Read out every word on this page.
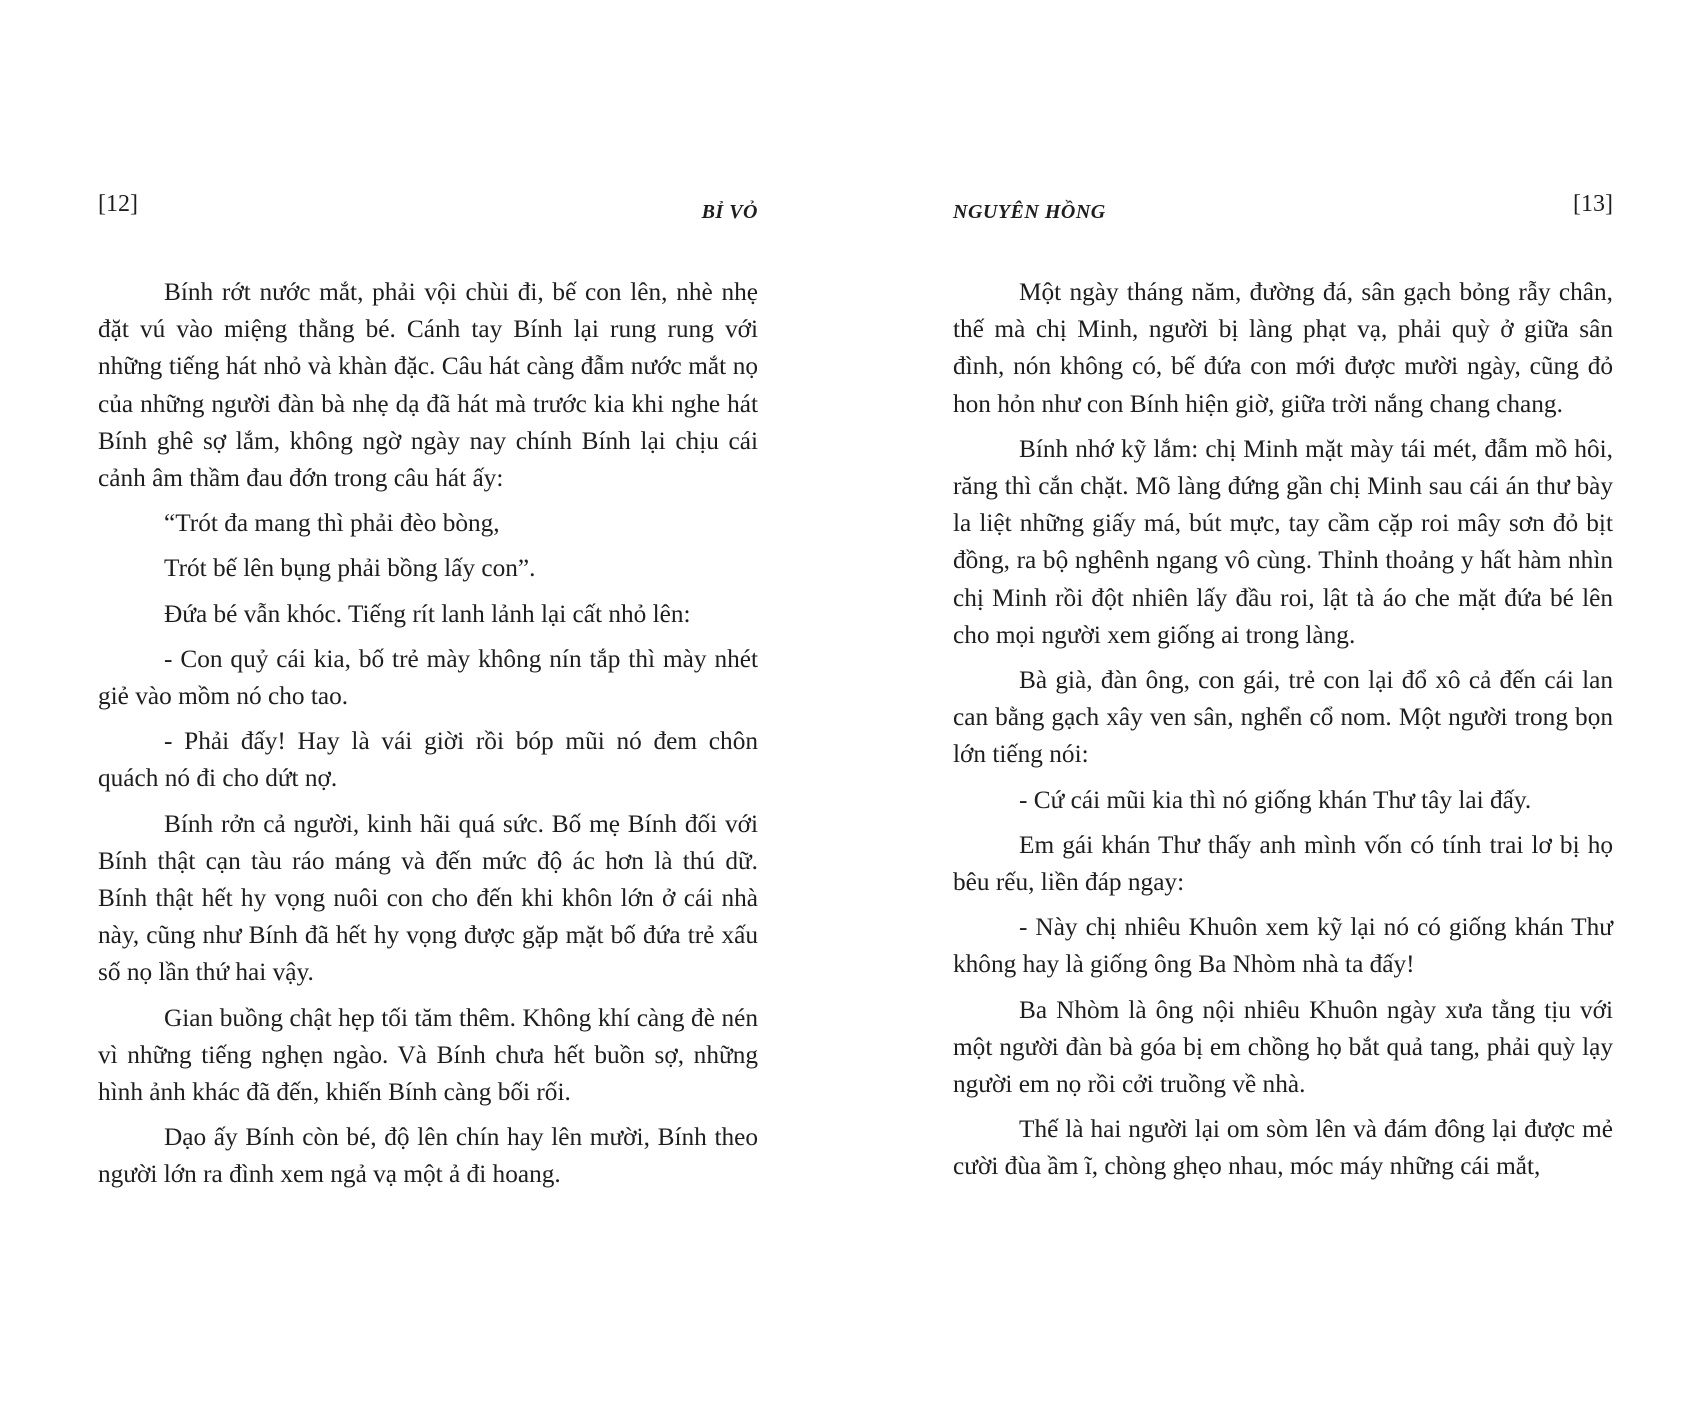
[12]	BỈ VỎ

Bính rớt nước mắt, phải vội chùi đi, bế con lên, nhè nhẹ đặt vú vào miệng thằng bé. Cánh tay Bính lại rung rung với những tiếng hát nhỏ và khàn đặc. Câu hát càng đẫm nước mắt nọ của những người đàn bà nhẹ dạ đã hát mà trước kia khi nghe hát Bính ghê sợ lắm, không ngờ ngày nay chính Bính lại chịu cái cảnh âm thầm đau đớn trong câu hát ấy:

“Trót đa mang thì phải đèo bòng,

Trót bế lên bụng phải bồng lấy con”.

Đứa bé vẫn khóc. Tiếng rít lanh lảnh lại cất nhỏ lên:

- Con quỷ cái kia, bố trẻ mày không nín tắp thì mày nhét giẻ vào mồm nó cho tao.

- Phải đấy! Hay là vái giời rồi bóp mũi nó đem chôn quách nó đi cho dứt nợ.

Bính rởn cả người, kinh hãi quá sức. Bố mẹ Bính đối với Bính thật cạn tàu ráo máng và đến mức độ ác hơn là thú dữ. Bính thật hết hy vọng nuôi con cho đến khi khôn lớn ở cái nhà này, cũng như Bính đã hết hy vọng được gặp mặt bố đứa trẻ xấu số nọ lần thứ hai vậy.

Gian buồng chật hẹp tối tăm thêm. Không khí càng đè nén vì những tiếng nghẹn ngào. Và Bính chưa hết buồn sợ, những hình ảnh khác đã đến, khiến Bính càng bối rối.

Dạo ấy Bính còn bé, độ lên chín hay lên mười, Bính theo người lớn ra đình xem ngả vạ một ả đi hoang.

NGUYÊN HỒNG	[13]

Một ngày tháng năm, đường đá, sân gạch bỏng rẫy chân, thế mà chị Minh, người bị làng phạt vạ, phải quỳ ở giữa sân đình, nón không có, bế đứa con mới được mười ngày, cũng đỏ hon hỏn như con Bính hiện giờ, giữa trời nắng chang chang.

Bính nhớ kỹ lắm: chị Minh mặt mày tái mét, đẫm mồ hôi, răng thì cắn chặt. Mõ làng đứng gần chị Minh sau cái án thư bày la liệt những giấy má, bút mực, tay cầm cặp roi mây sơn đỏ bịt đồng, ra bộ nghênh ngang vô cùng. Thỉnh thoảng y hất hàm nhìn chị Minh rồi đột nhiên lấy đầu roi, lật tà áo che mặt đứa bé lên cho mọi người xem giống ai trong làng.

Bà già, đàn ông, con gái, trẻ con lại đổ xô cả đến cái lan can bằng gạch xây ven sân, nghển cổ nom. Một người trong bọn lớn tiếng nói:

- Cứ cái mũi kia thì nó giống khán Thư tây lai đấy.

Em gái khán Thư thấy anh mình vốn có tính trai lơ bị họ bêu rếu, liền đáp ngay:

- Này chị nhiêu Khuôn xem kỹ lại nó có giống khán Thư không hay là giống ông Ba Nhòm nhà ta đấy!

Ba Nhòm là ông nội nhiêu Khuôn ngày xưa tằng tịu với một người đàn bà góa bị em chồng họ bắt quả tang, phải quỳ lạy người em nọ rồi cởi truồng về nhà.

Thế là hai người lại om sòm lên và đám đông lại được mẻ cười đùa ầm ĩ, chòng ghẹo nhau, móc máy những cái mắt,
